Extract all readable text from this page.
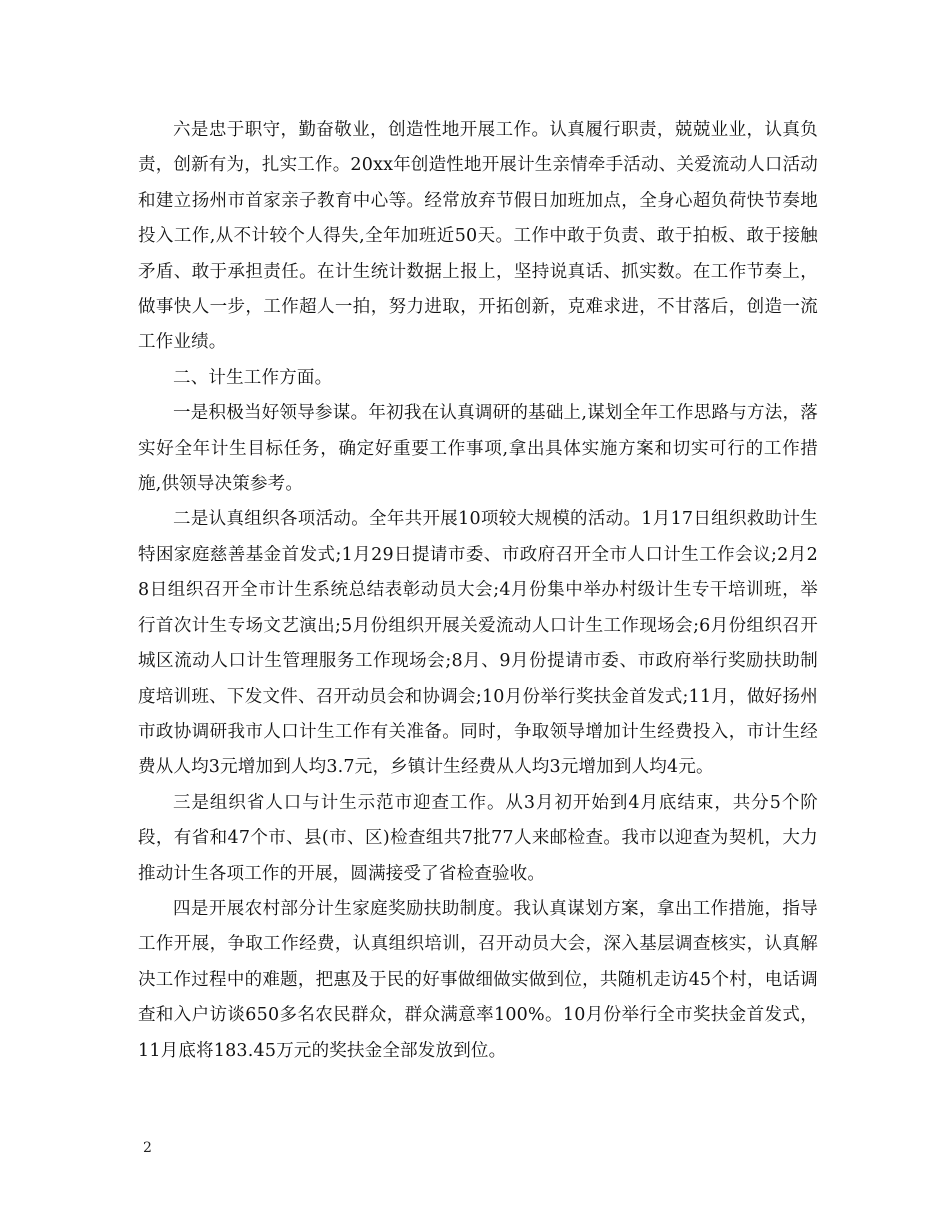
六是忠于职守，勤奋敬业，创造性地开展工作。认真履行职责，兢兢业业，认真负责，创新有为，扎实工作。20xx年创造性地开展计生亲情牵手活动、关爱流动人口活动和建立扬州市首家亲子教育中心等。经常放弃节假日加班加点，全身心超负荷快节奏地投入工作,从不计较个人得失,全年加班近50天。工作中敢于负责、敢于拍板、敢于接触矛盾、敢于承担责任。在计生统计数据上报上，坚持说真话、抓实数。在工作节奏上，做事快人一步，工作超人一拍，努力进取，开拓创新，克难求进，不甘落后，创造一流工作业绩。

二、计生工作方面。

一是积极当好领导参谋。年初我在认真调研的基础上,谋划全年工作思路与方法，落实好全年计生目标任务，确定好重要工作事项,拿出具体实施方案和切实可行的工作措施,供领导决策参考。

二是认真组织各项活动。全年共开展10项较大规模的活动。1月17日组织救助计生特困家庭慈善基金首发式;1月29日提请市委、市政府召开全市人口计生工作会议;2月28日组织召开全市计生系统总结表彰动员大会;4月份集中举办村级计生专干培训班，举行首次计生专场文艺演出;5月份组织开展关爱流动人口计生工作现场会;6月份组织召开城区流动人口计生管理服务工作现场会;8月、9月份提请市委、市政府举行奖励扶助制度培训班、下发文件、召开动员会和协调会;10月份举行奖扶金首发式;11月，做好扬州市政协调研我市人口计生工作有关准备。同时，争取领导增加计生经费投入，市计生经费从人均3元增加到人均3.7元，乡镇计生经费从人均3元增加到人均4元。

三是组织省人口与计生示范市迎查工作。从3月初开始到4月底结束，共分5个阶段，有省和47个市、县(市、区)检查组共7批77人来邮检查。我市以迎查为契机，大力推动计生各项工作的开展，圆满接受了省检查验收。

四是开展农村部分计生家庭奖励扶助制度。我认真谋划方案，拿出工作措施，指导工作开展，争取工作经费，认真组织培训，召开动员大会，深入基层调查核实，认真解决工作过程中的难题，把惠及于民的好事做细做实做到位，共随机走访45个村，电话调查和入户访谈650多名农民群众，群众满意率100%。10月份举行全市奖扶金首发式，11月底将183.45万元的奖扶金全部发放到位。

2
